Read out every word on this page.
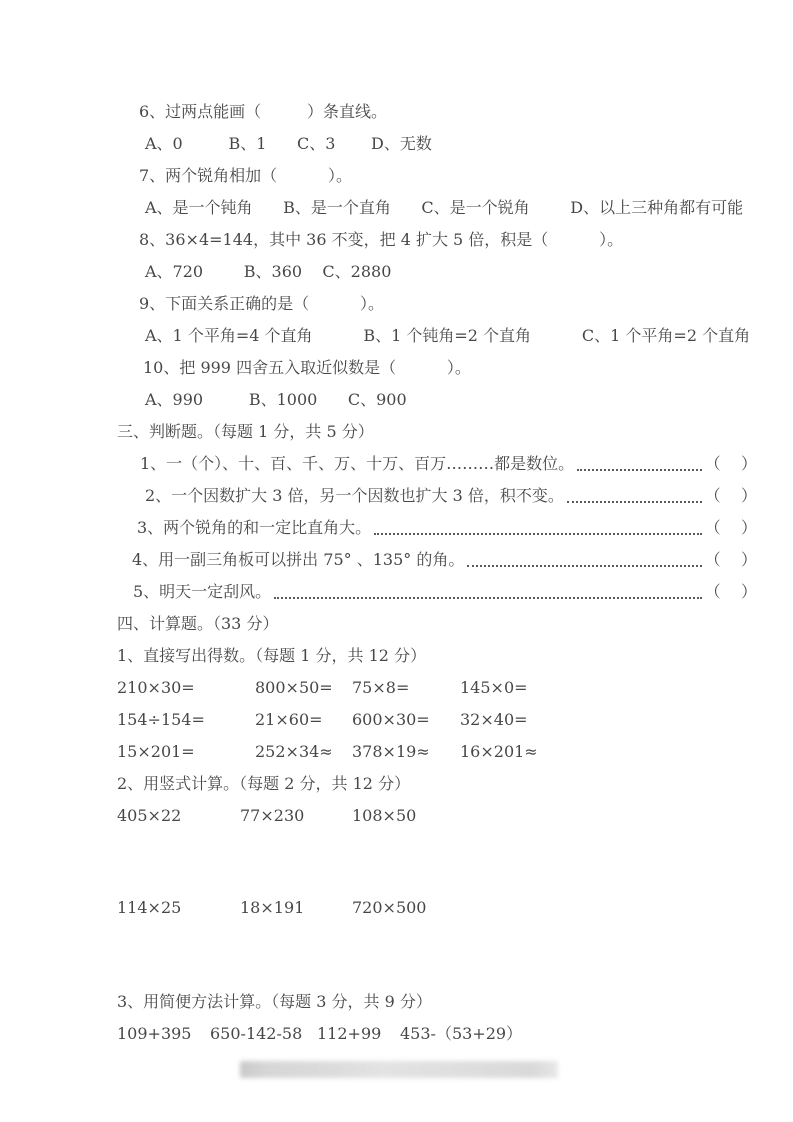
6、过两点能画（         ）条直线。

A、0         B、1      C、3       D、无数

7、两个锐角相加（          ）。

A、是一个钝角      B、是一个直角      C、是一个锐角        D、以上三种角都有可能

8、36×4=144，其中 36 不变，把 4 扩大 5 倍，积是（          ）。

A、720        B、360    C、2880

9、下面关系正确的是（          ）。

A、1 个平角=4 个直角          B、1 个钝角=2 个直角          C、1 个平角=2 个直角

10、把 999 四舍五入取近似数是（          ）。

A、990         B、1000      C、900

三、判断题。（每题 1 分，共 5 分）

1、一（个）、十、百、千、万、十万、百万………都是数位。	（    ）
2、一个因数扩大 3 倍，另一个因数也扩大 3 倍，积不变。	（    ）
3、两个锐角的和一定比直角大。	（    ）
4、用一副三角板可以拼出 75° 、135° 的角。	（    ）
5、明天一定刮风。	（    ）

四、计算题。（33 分）

1、直接写出得数。（每题 1 分，共 12 分）

210×30=	800×50=	75×8=	145×0=
154÷154=	21×60=	600×30=	32×40=
15×201=	252×34≈	378×19≈	16×201≈

2、用竖式计算。（每题 2 分，共 12 分）

405×22	77×230	108×50
114×25	18×191	720×500

3、用简便方法计算。（每题 3 分，共 9 分）

109+395	650-142-58 112+99	453-（53+29）
